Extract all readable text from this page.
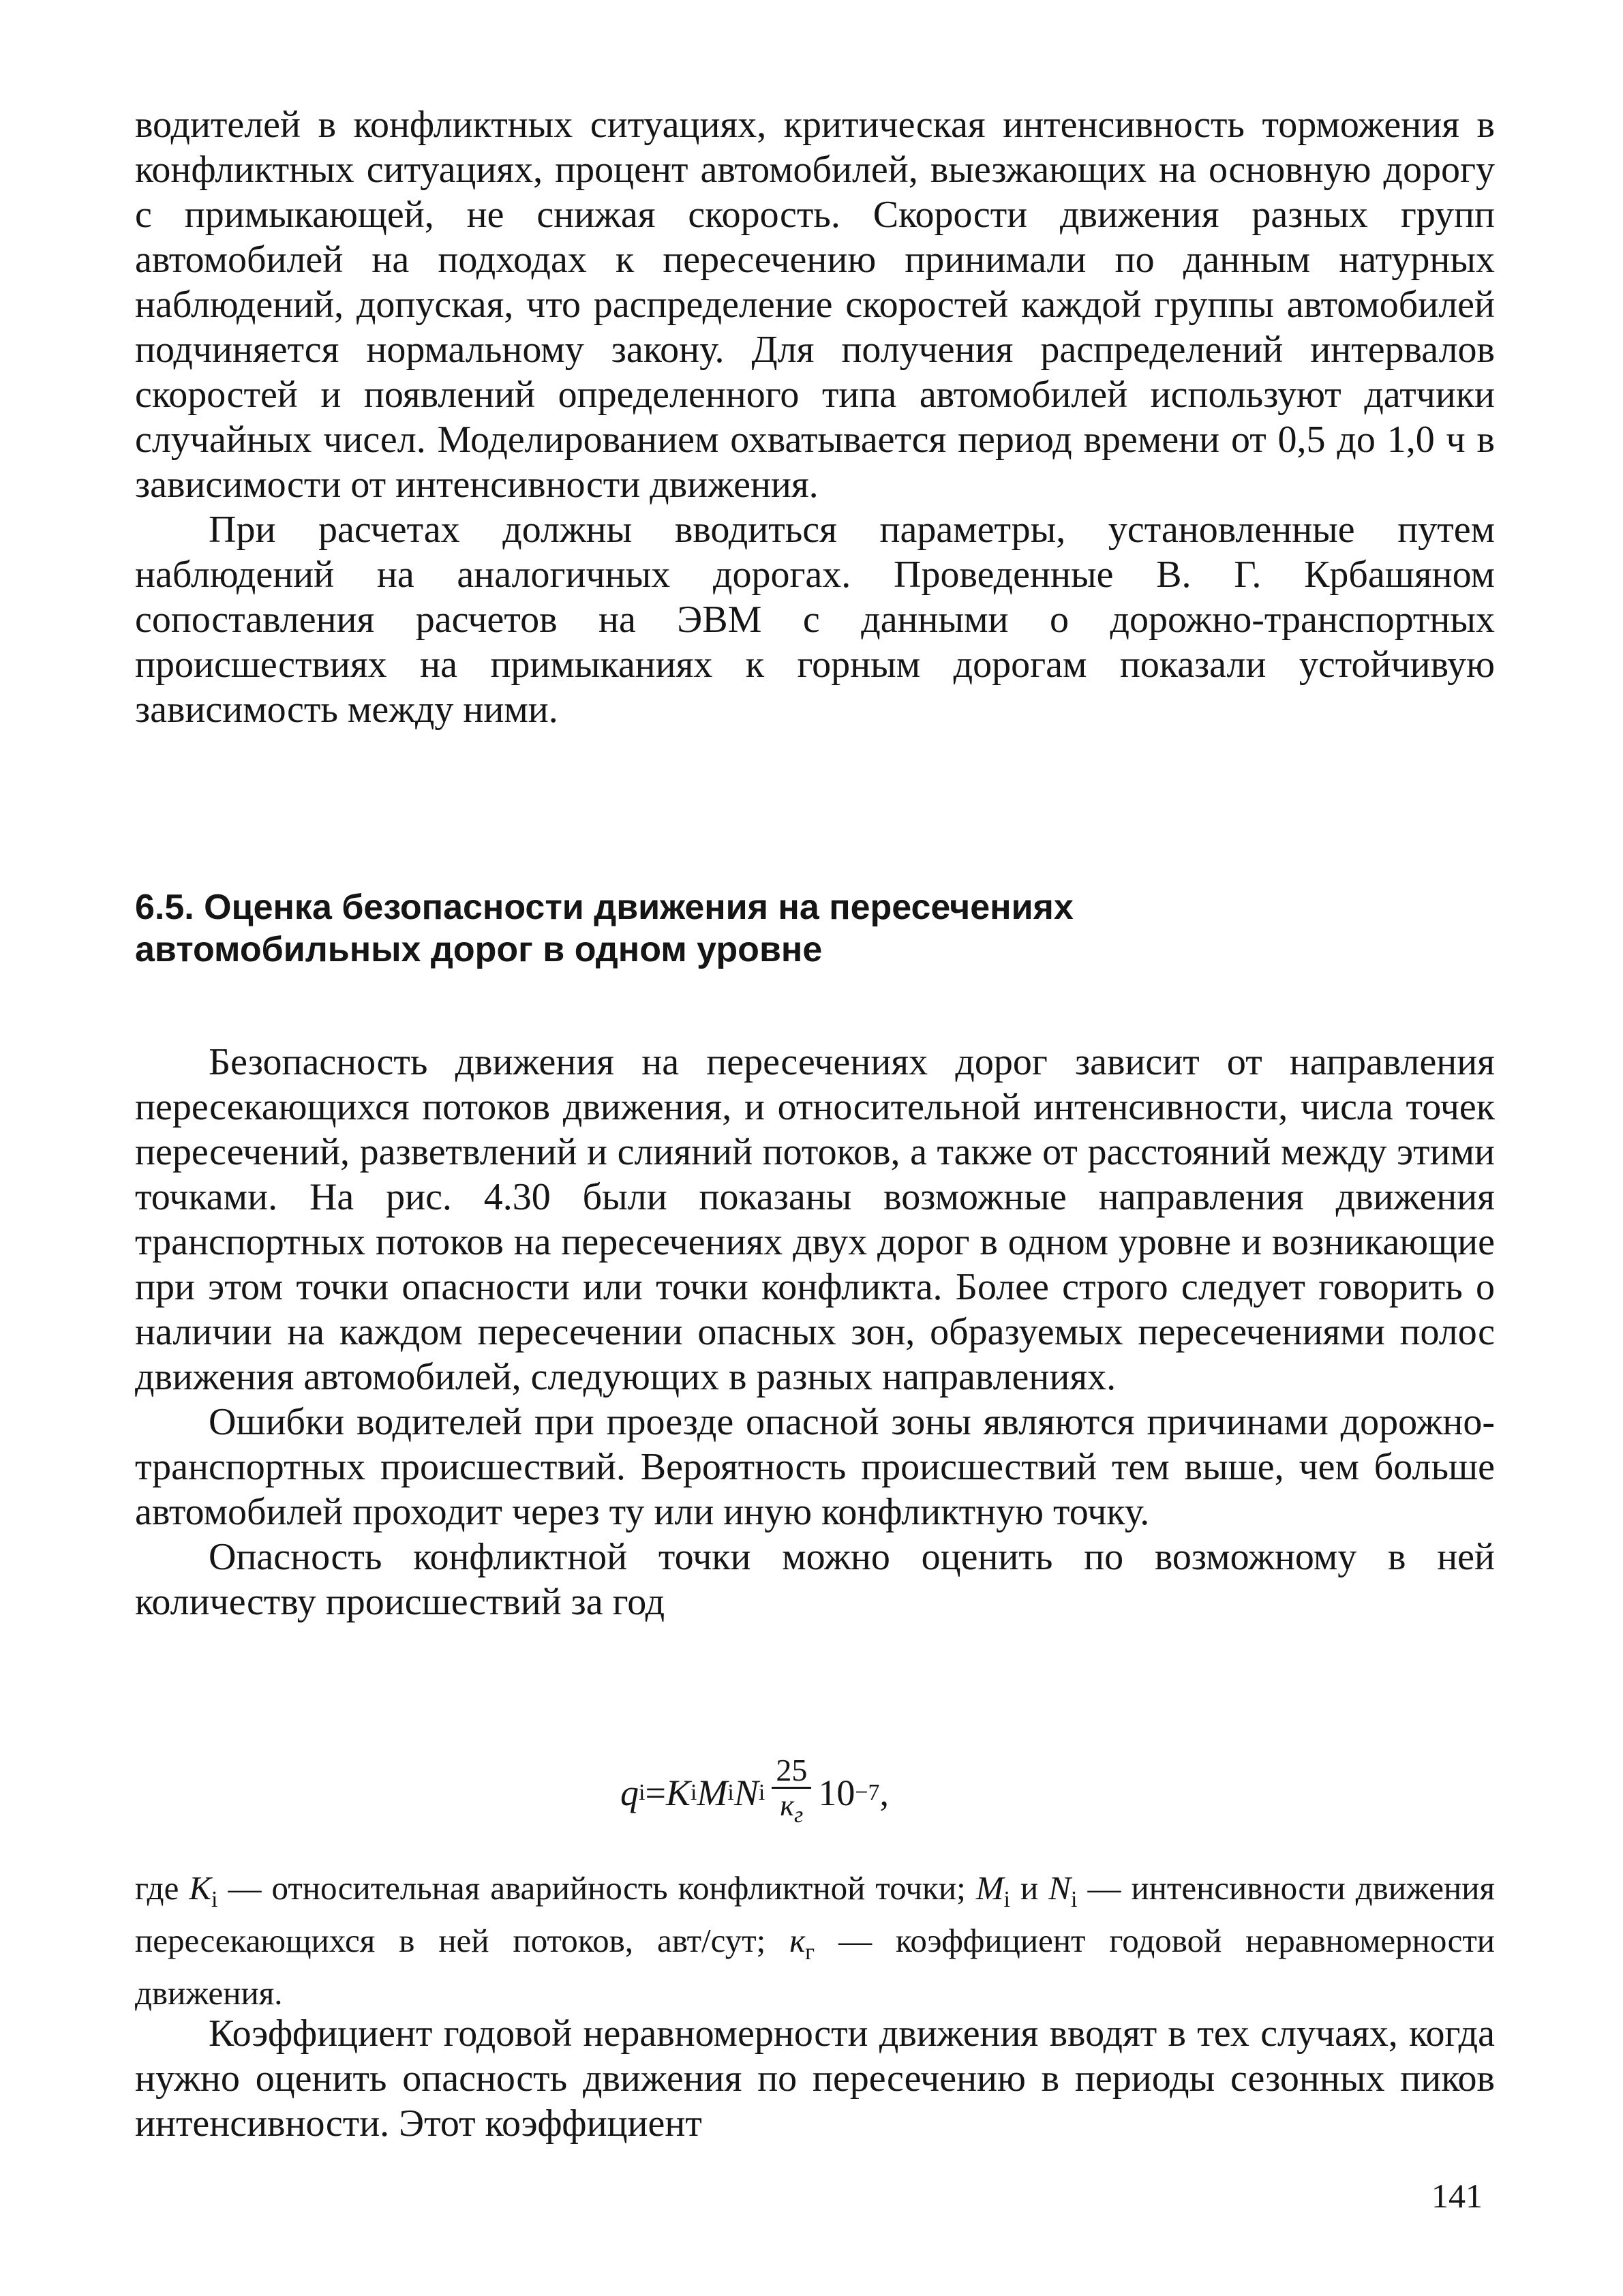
водителей в конфликтных ситуациях, критическая интенсивность торможения в конфликтных ситуациях, процент автомобилей, выезжающих на основную дорогу с примыкающей, не снижая скорость. Скорости движения разных групп автомобилей на подходах к пересечению принимали по данным натурных наблюдений, допуская, что распределение скоростей каждой группы автомобилей подчиняется нормальному закону. Для получения распределений интервалов скоростей и появлений определенного типа автомобилей используют датчики случайных чисел. Моделированием охватывается период времени от 0,5 до 1,0 ч в зависимости от интенсивности движения.

При расчетах должны вводиться параметры, установленные путем наблюдений на аналогичных дорогах. Проведенные В. Г. Крбашяном сопоставления расчетов на ЭВМ с данными о дорожно-транспортных происшествиях на примыканиях к горным дорогам показали устойчивую зависимость между ними.

6.5. Оценка безопасности движения на пересечениях
автомобильных дорог в одном уровне

Безопасность движения на пересечениях дорог зависит от направления пересекающихся потоков движения, и относительной интенсивности, числа точек пересечений, разветвлений и слияний потоков, а также от расстояний между этими точками. На рис. 4.30 были показаны возможные направления движения транспортных потоков на пересечениях двух дорог в одном уровне и возникающие при этом точки опасности или точки конфликта. Более строго следует говорить о наличии на каждом пересечении опасных зон, образуемых пересечениями полос движения автомобилей, следующих в разных направлениях.

Ошибки водителей при проезде опасной зоны являются причинами дорожно-транспортных происшествий. Вероятность происшествий тем выше, чем больше автомобилей проходит через ту или иную конфликтную точку.

Опасность конфликтной точки можно оценить по возможному в ней количеству происшествий за год

q i = K i M i N i $\frac{25}{к_г} 10 -7$ ,

где $K_i$ — относительная аварийность конфликтной точки; $M_i$ и $N_i$ — интенсивности движения пересекающихся в ней потоков, авт/сут; $к_г$ — коэффициент годовой неравномерности движения.

Коэффициент годовой неравномерности движения вводят в тех случаях, когда нужно оценить опасность движения по пересечению в периоды сезонных пиков интенсивности. Этот коэффициент

141
